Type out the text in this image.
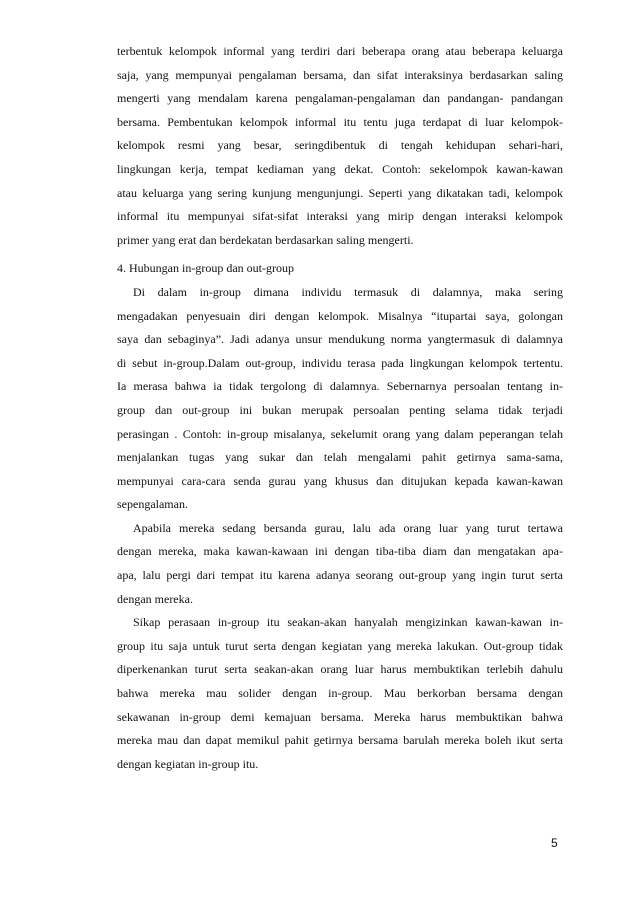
terbentuk kelompok informal yang terdiri dari beberapa orang atau beberapa keluarga
saja, yang mempunyai pengalaman bersama, dan sifat interaksinya berdasarkan saling
mengerti yang mendalam karena pengalaman-pengalaman dan pandangan- pandangan
bersama. Pembentukan kelompok informal itu tentu juga terdapat di luar kelompok-
kelompok resmi yang besar, seringdibentuk di tengah kehidupan sehari-hari,
lingkungan kerja, tempat kediaman yang dekat. Contoh: sekelompok kawan-kawan
atau keluarga yang sering kunjung mengunjungi. Seperti yang dikatakan tadi, kelompok
informal itu mempunyai sifat-sifat interaksi yang mirip dengan interaksi kelompok
primer yang erat dan berdekatan berdasarkan saling mengerti.
4. Hubungan in-group dan out-group
Di dalam in-group dimana individu termasuk di dalamnya, maka sering
mengadakan penyesuain diri dengan kelompok. Misalnya “itupartai saya, golongan
saya dan sebaginya”. Jadi adanya unsur mendukung norma yangtermasuk di dalamnya
di sebut in-group.Dalam out-group, individu terasa pada lingkungan kelompok tertentu.
Ia merasa bahwa ia tidak tergolong di dalamnya. Sebernarnya persoalan tentang in-
group dan out-group ini bukan merupak persoalan penting selama tidak terjadi
perasingan . Contoh: in-group misalanya, sekelumit orang yang dalam peperangan telah
menjalankan tugas yang sukar dan telah mengalami pahit getirnya sama-sama,
mempunyai cara-cara senda gurau yang khusus dan ditujukan kepada kawan-kawan
sepengalaman.
Apabila mereka sedang bersanda gurau, lalu ada orang luar yang turut tertawa
dengan mereka, maka kawan-kawaan ini dengan tiba-tiba diam dan mengatakan apa-
apa, lalu pergi dari tempat itu karena adanya seorang out-group yang ingin turut serta
dengan mereka.
Sikap perasaan in-group itu seakan-akan hanyalah mengizinkan kawan-kawan in-
group itu saja untuk turut serta dengan kegiatan yang mereka lakukan. Out-group tidak
diperkenankan turut serta seakan-akan orang luar harus membuktikan terlebih dahulu
bahwa mereka mau solider dengan in-group. Mau berkorban bersama dengan
sekawanan in-group demi kemajuan bersama. Mereka harus membuktikan bahwa
mereka mau dan dapat memikul pahit getirnya bersama barulah mereka boleh ikut serta
dengan kegiatan in-group itu.
5
